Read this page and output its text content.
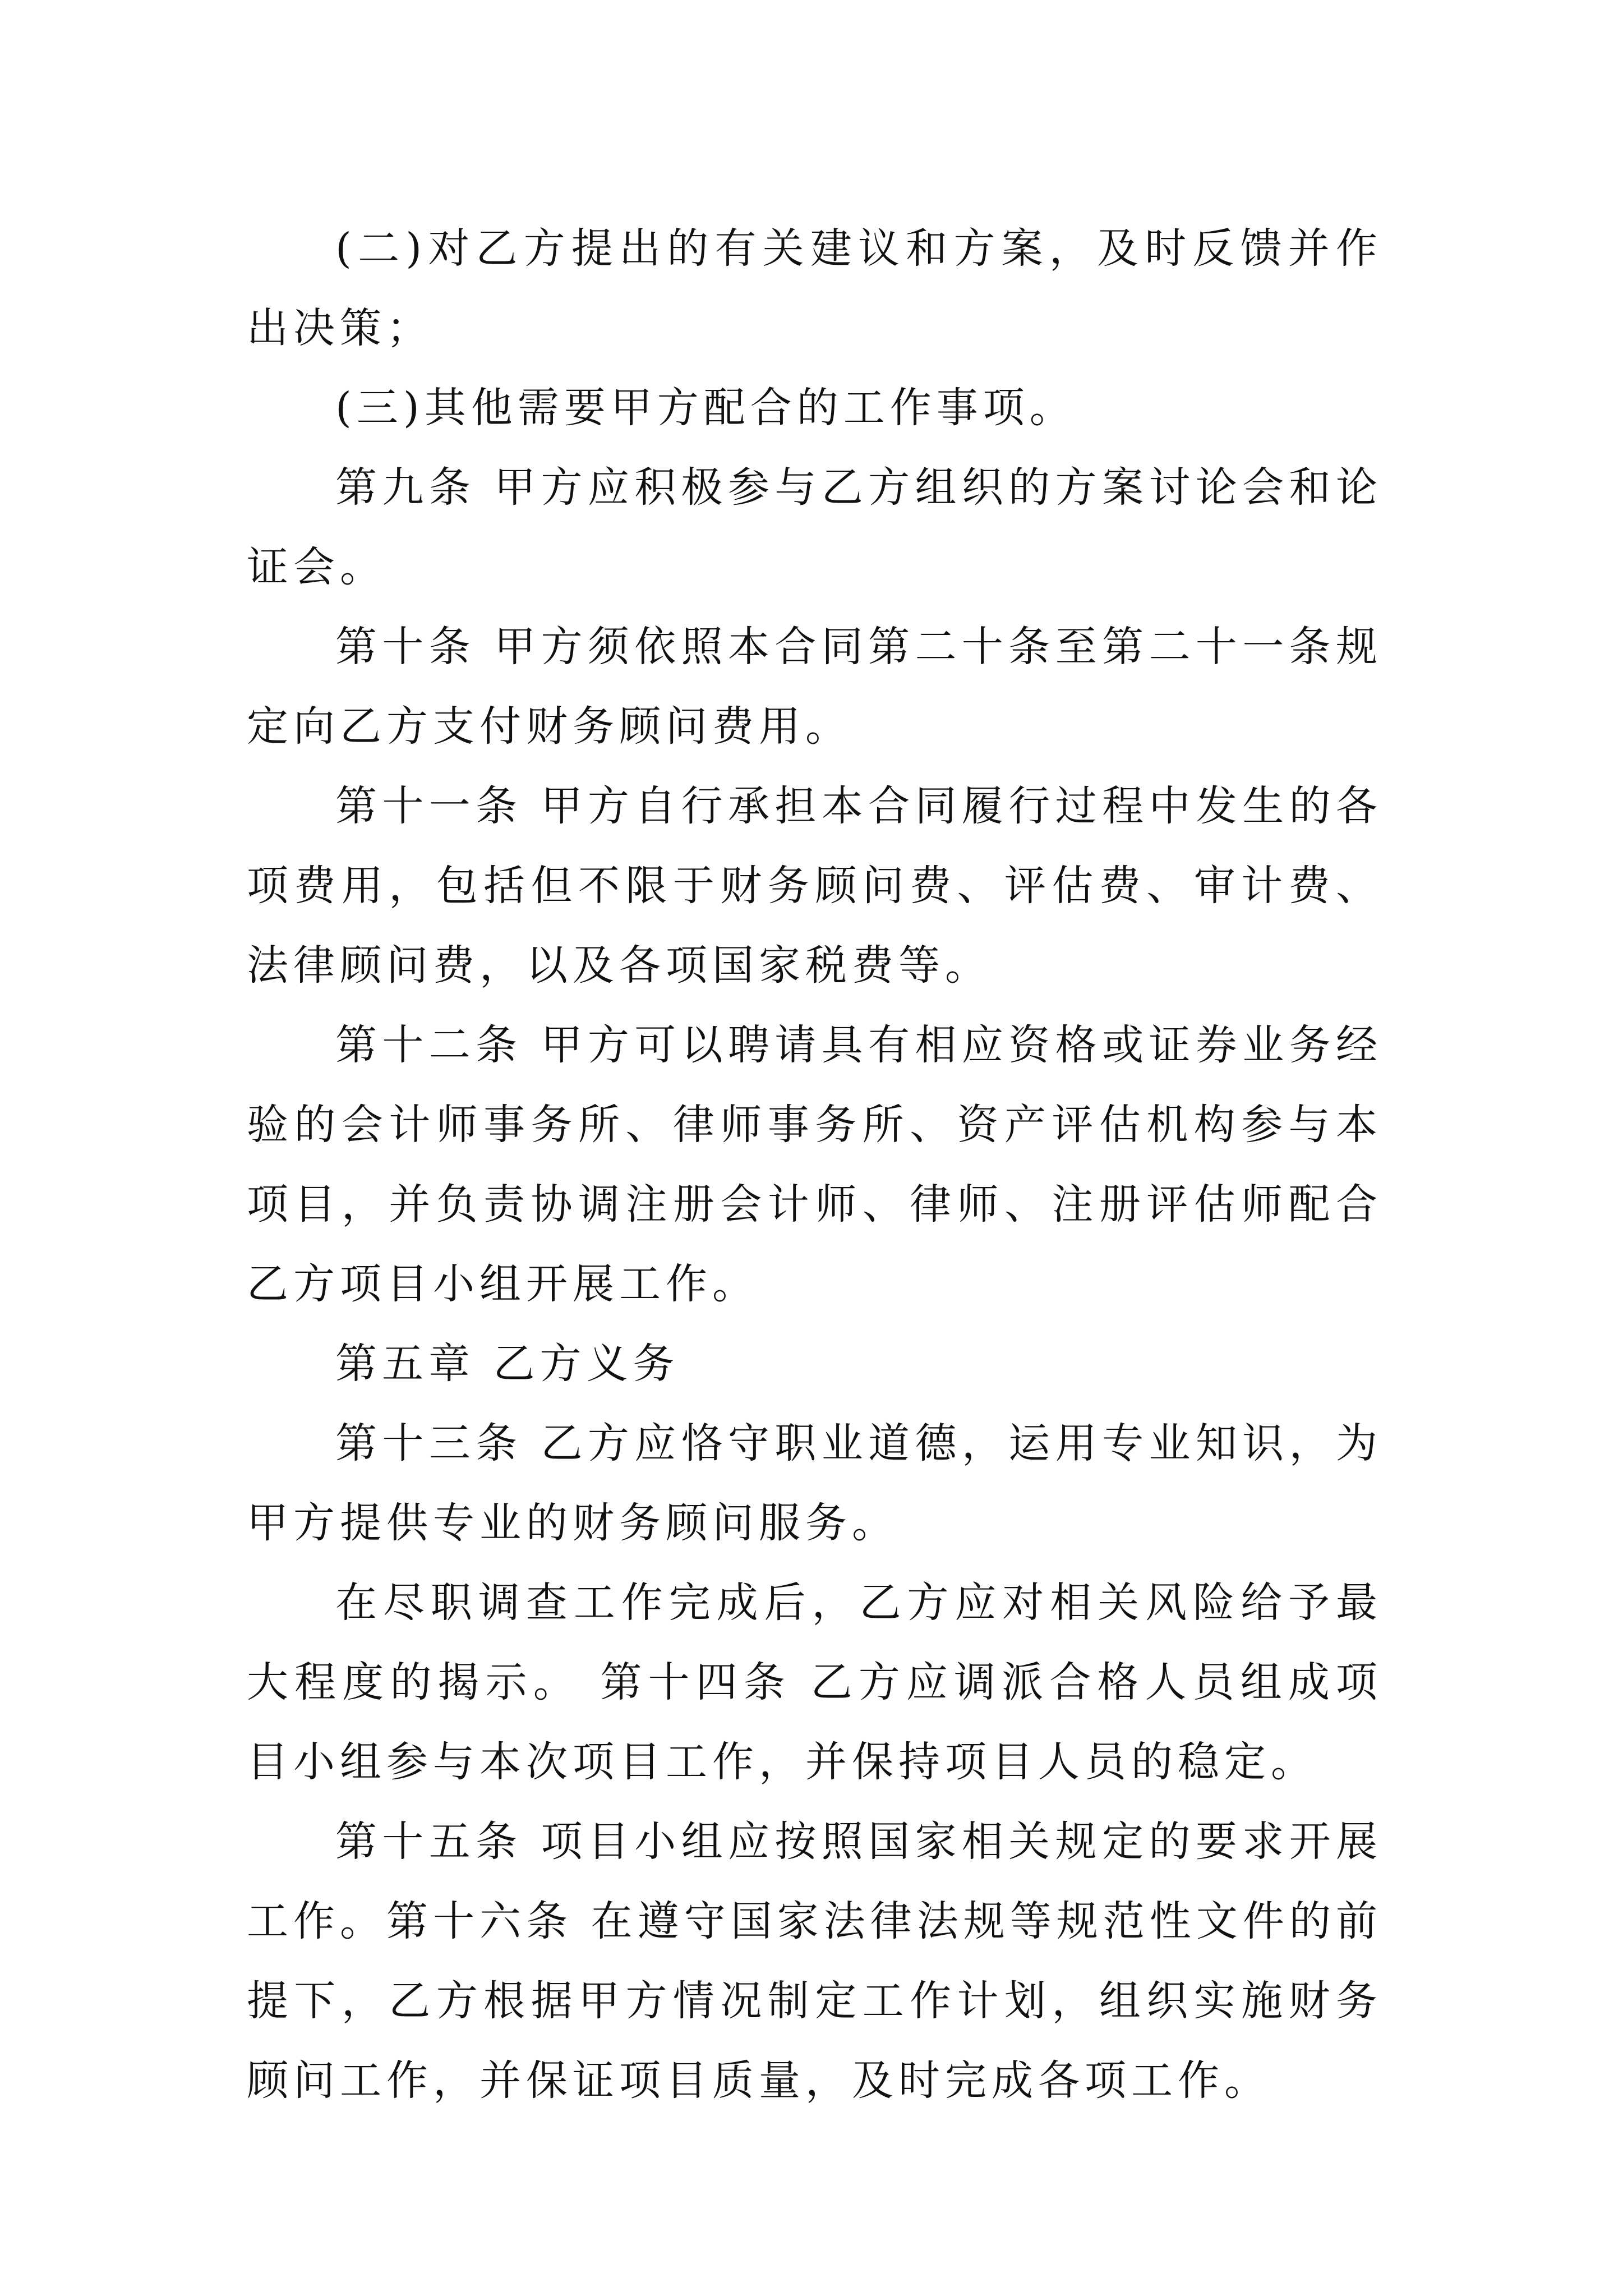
(二)对乙方提出的有关建议和方案，及时反馈并作出决策；

(三)其他需要甲方配合的工作事项。

第九条 甲方应积极参与乙方组织的方案讨论会和论证会。

第十条 甲方须依照本合同第二十条至第二十一条规定向乙方支付财务顾问费用。

第十一条 甲方自行承担本合同履行过程中发生的各项费用，包括但不限于财务顾问费、评估费、审计费、法律顾问费，以及各项国家税费等。

第十二条 甲方可以聘请具有相应资格或证券业务经验的会计师事务所、律师事务所、资产评估机构参与本项目，并负责协调注册会计师、律师、注册评估师配合乙方项目小组开展工作。

第五章 乙方义务

第十三条 乙方应恪守职业道德，运用专业知识，为甲方提供专业的财务顾问服务。

在尽职调查工作完成后，乙方应对相关风险给予最大程度的揭示。 第十四条 乙方应调派合格人员组成项目小组参与本次项目工作，并保持项目人员的稳定。

第十五条 项目小组应按照国家相关规定的要求开展工作。第十六条 在遵守国家法律法规等规范性文件的前提下，乙方根据甲方情况制定工作计划，组织实施财务顾问工作，并保证项目质量，及时完成各项工作。
